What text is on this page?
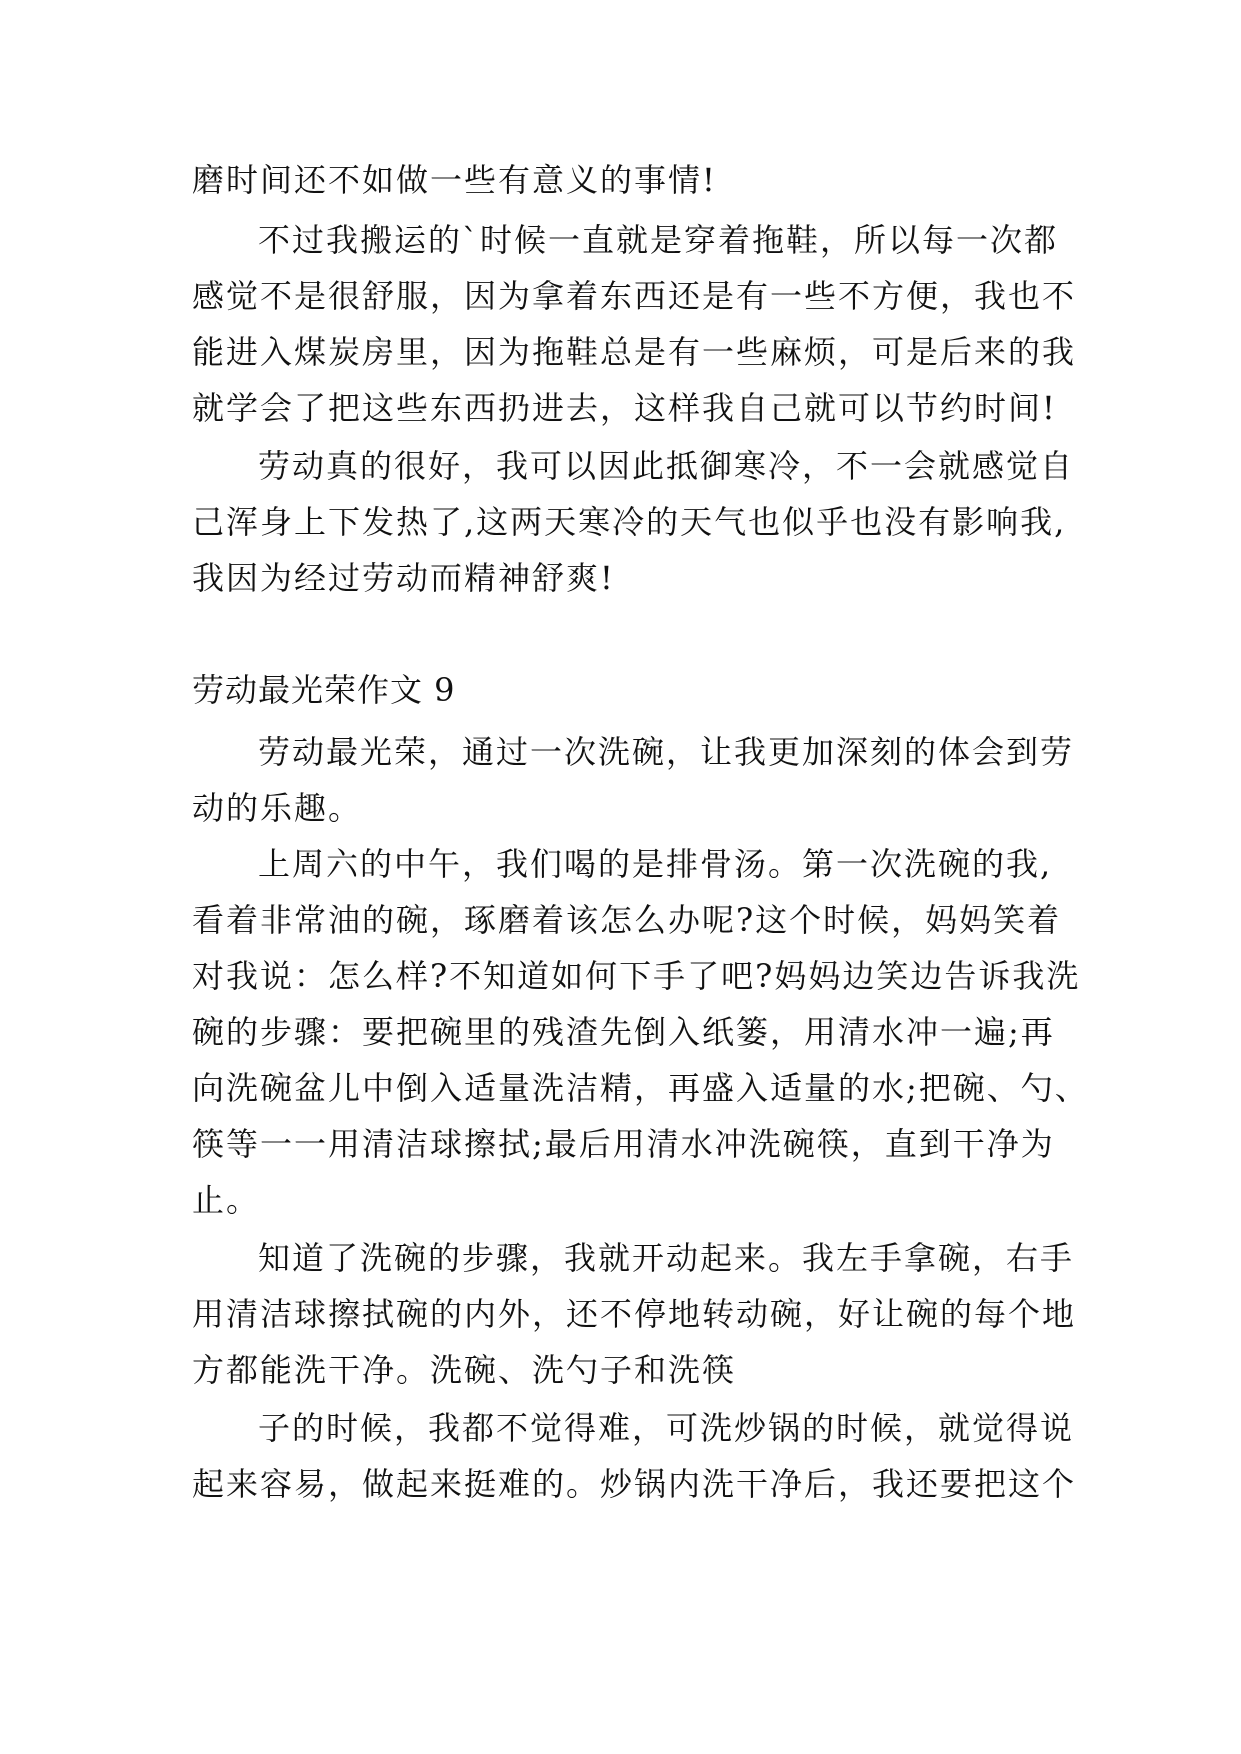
磨时间还不如做一些有意义的事情!
不过我搬运的`时候一直就是穿着拖鞋，所以每一次都
感觉不是很舒服，因为拿着东西还是有一些不方便，我也不
能进入煤炭房里，因为拖鞋总是有一些麻烦，可是后来的我
就学会了把这些东西扔进去，这样我自己就可以节约时间!
劳动真的很好，我可以因此抵御寒冷，不一会就感觉自
己浑身上下发热了,这两天寒冷的天气也似乎也没有影响我,
我因为经过劳动而精神舒爽!
劳动最光荣作文 9
劳动最光荣，通过一次洗碗，让我更加深刻的体会到劳
动的乐趣。
上周六的中午，我们喝的是排骨汤。第一次洗碗的我,
看着非常油的碗，琢磨着该怎么办呢?这个时候，妈妈笑着
对我说：怎么样?不知道如何下手了吧?妈妈边笑边告诉我洗
碗的步骤：要把碗里的残渣先倒入纸篓，用清水冲一遍;再
向洗碗盆儿中倒入适量洗洁精，再盛入适量的水;把碗、勺、
筷等一一用清洁球擦拭;最后用清水冲洗碗筷，直到干净为
止。
知道了洗碗的步骤，我就开动起来。我左手拿碗，右手
用清洁球擦拭碗的内外，还不停地转动碗，好让碗的每个地
方都能洗干净。洗碗、洗勺子和洗筷
子的时候，我都不觉得难，可洗炒锅的时候，就觉得说
起来容易，做起来挺难的。炒锅内洗干净后，我还要把这个
